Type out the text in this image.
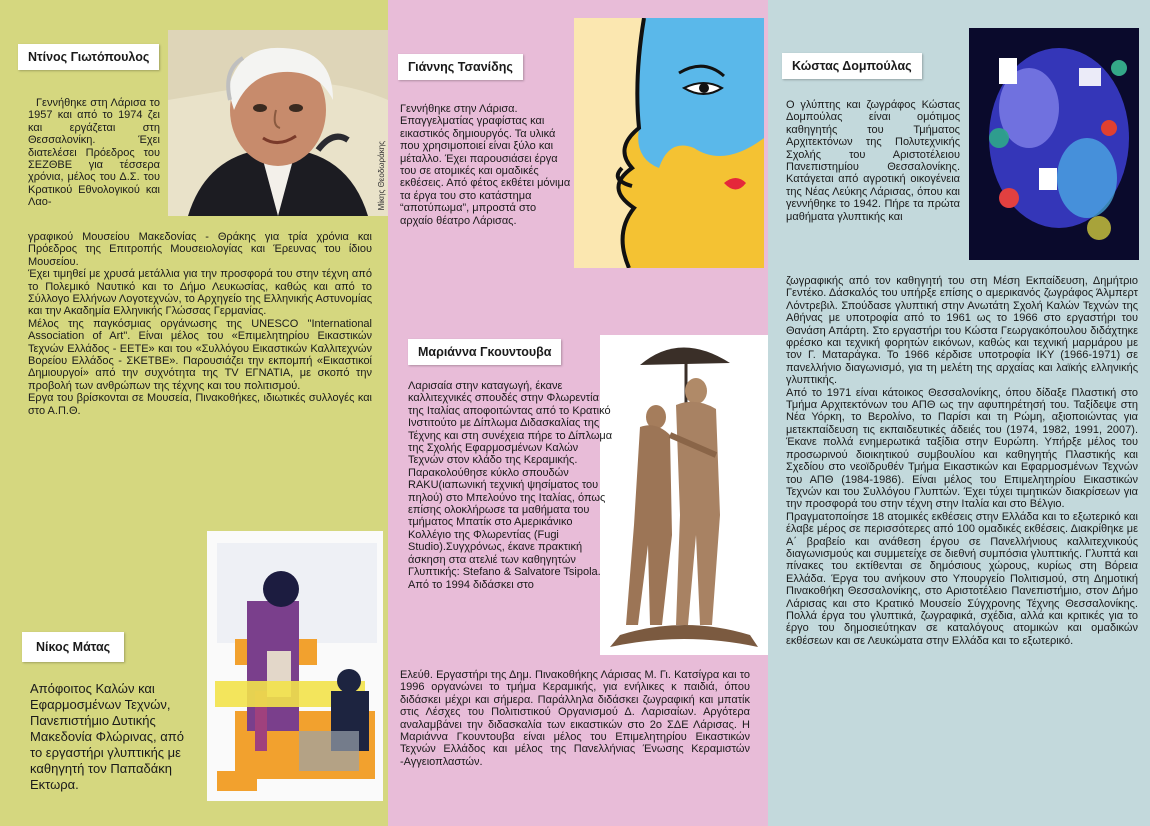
Ντίνος Γιωτόπουλος
Μίκης Θεοδωράκης
Γεννήθηκε στη Λάρισα το 1957 και από το 1974 ζει και εργάζεται στη Θεσσαλονίκη. Έχει διατελέσει Πρόεδρος του ΣΕΖΘΒΕ για τέσσερα χρόνια, μέλος του Δ.Σ. του Κρατικού Εθνολογικού και Λαο-

γραφικού Μουσείου Μακεδονίας - Θράκης για τρία χρόνια και Πρόεδρος της Επιτροπής Μουσειολογίας και Έρευνας του ίδιου Μουσείου.

Έχει τιμηθεί με χρυσά μετάλλια για την προσφορά του στην τέχνη από το Πολεμικό Ναυτικό και το Δήμο Λευκωσίας, καθώς και από το Σύλλογο Ελλήνων Λογοτεχνών, το Αρχηγείο της Ελληνικής Αστυνομίας και την Ακαδημία Ελληνικής Γλώσσας Γερμανίας.

Μέλος της παγκόσμιας οργάνωσης της UNESCO "International Association of Art". Είναι μέλος του «Επιμελητηρίου Εικαστικών Τεχνών Ελλάδος - ΕΕΤΕ» και του «Συλλόγου Εικαστικών Καλλιτεχνών Βορείου Ελλάδος - ΣΚΕΤΒΕ». Παρουσιάζει την εκπομπή «Εικαστικοί Δημιουργοί» από την συχνότητα της TV ΕΓΝΑΤΙΑ, με σκοπό την προβολή των ανθρώπων της τέχνης και του πολιτισμού.

Εργα του βρίσκονται σε Μουσεία, Πινακοθήκες, ιδιωτικές συλλογές και στο Α.Π.Θ.

Νίκος Μάτας
Απόφοιτος Καλών και Εφαρμοσμένων Τεχνών, Πανεπιστήμιο Δυτικής Μακεδονία Φλώρινας, από το εργαστήρι γλυπτικής με καθηγητή τον Παπαδάκη Εκτωρα.
Γιάννης Τσανίδης
Γεννήθηκε στην Λάρισα. Επαγγελματίας γραφίστας και εικαστικός δημιουργός. Τα υλικά που χρησιμοποιεί είναι ξύλο και μέταλλο. Έχει παρουσιάσει έργα του σε ατομικές και ομαδικές εκθέσεις. Από φέτος εκθέτει μόνιμα τα έργα του στο κατάστημα “αποτύπωμα”, μπροστά στο αρχαίο θέατρο Λάρισας.
Μαριάννα Γκουντουβα
Λαρισαία στην καταγωγή, έκανε καλλιτεχνικές σπουδές στην Φλωρεντία της Ιταλίας αποφοιτώντας από το Κρατικό Ινστιτούτο με Δίπλωμα Διδασκαλίας της Τέχνης και στη συνέχεια πήρε το Δίπλωμα της Σχολής Εφαρμοσμένων Καλών Τεχνών στον κλάδο της Κεραμικής. Παρακολούθησε κύκλο σπουδών RAKU(ιαπωνική τεχνική ψησίματος του πηλού) στο Μπελούνο της Ιταλίας, όπως επίσης ολοκλήρωσε τα μαθήματα του τμήματος Μπατίκ στο Αμερικάνικο Κολλέγιο της Φλωρεντίας (Fugi Studio).Συγχρόνως, έκανε πρακτική άσκηση στα ατελιέ των καθηγητών Γλυπτικής: Stefano & Salvatore Tsipola. Από το 1994 διδάσκει στο
Ελεύθ. Εργαστήρι της Δημ. Πινακοθήκης Λάρισας Μ. Γι. Κατσίγρα και το 1996 οργανώνει το τμήμα Κεραμικής, για ενήλικες κ παιδιά, όπου διδάσκει μέχρι και σήμερα. Παράλληλα διδάσκει ζωγραφική και μπατίκ στις Λέσχες του Πολιτιστικού Οργανισμού Δ. Λαρισαίων. Αργότερα αναλαμβάνει την διδασκαλία των εικαστικών στο 2ο ΣΔΕ Λάρισας. Η Μαριάννα Γκουντουβα είναι μέλος του Επιμελητηρίου Εικαστικών Τεχνών Ελλάδος και μέλος της Πανελλήνιας Ένωσης Κεραμιστών -Αγγειοπλαστών.
Κώστας Δομπούλας
Ο γλύπτης και ζωγράφος Κώστας Δομπούλας είναι ομότιμος καθηγητής του Τμήματος Αρχιτεκτόνων της Πολυτεχνικής Σχολής του Αριστοτέλειου Πανεπιστημίου Θεσσαλονίκης. Κατάγεται από αγροτική οικογένεια της Νέας Λεύκης Λάρισας, όπου και γεννήθηκε το 1942. Πήρε τα πρώτα μαθήματα γλυπτικής και

ζωγραφικής από τον καθηγητή του στη Μέση Εκπαίδευση, Δημήτριο Γεντέκο. Δάσκαλός του υπήρξε επίσης ο αμερικανός ζωγράφος Άλμπερτ Λόντρεβιλ. Σπούδασε γλυπτική στην Ανωτάτη Σχολή Καλών Τεχνών της Αθήνας με υποτροφία από το 1961 ως το 1966 στο εργαστήρι του Θανάση Απάρτη. Στο εργαστήρι του Κώστα Γεωργακόπουλου διδάχτηκε φρέσκο και τεχνική φορητών εικόνων, καθώς και τεχνική μαρμάρου με τον Γ. Ματαράγκα. Το 1966 κέρδισε υποτροφία ΙΚΥ (1966-1971) σε πανελλήνιο διαγωνισμό, για τη μελέτη της αρχαίας και λαϊκής ελληνικής γλυπτικής.

Από το 1971 είναι κάτοικος Θεσσαλονίκης, όπου δίδαξε Πλαστική στο Τμήμα Αρχιτεκτόνων του ΑΠΘ ως την αφυπηρέτησή του. Ταξίδεψε στη Νέα Υόρκη, το Βερολίνο, το Παρίσι και τη Ρώμη, αξιοποιώντας για μετεκπαίδευση τις εκπαιδευτικές άδειές του (1974, 1982, 1991, 2007). Έκανε πολλά ενημερωτικά ταξίδια στην Ευρώπη. Υπήρξε μέλος του προσωρινού διοικητικού συμβουλίου και καθηγητής Πλαστικής και Σχεδίου στο νεοϊδρυθέν Τμήμα Εικαστικών και Εφαρμοσμένων Τεχνών του ΑΠΘ (1984-1986). Είναι μέλος του Επιμελητηρίου Εικαστικών Τεχνών και του Συλλόγου Γλυπτών. Έχει τύχει τιμητικών διακρίσεων για την προσφορά του στην τέχνη στην Ιταλία και στο Βέλγιο.

Πραγματοποίησε 18 ατομικές εκθέσεις στην Ελλάδα και το εξωτερικό και έλαβε μέρος σε περισσότερες από 100 ομαδικές εκθέσεις. Διακρίθηκε με Α΄ βραβείο και ανάθεση έργου σε Πανελλήνιους καλλιτεχνικούς διαγωνισμούς και συμμετείχε σε διεθνή συμπόσια γλυπτικής. Γλυπτά και πίνακες του εκτίθενται σε δημόσιους χώρους, κυρίως στη Βόρεια Ελλάδα. Έργα του ανήκουν στο Υπουργείο Πολιτισμού, στη Δημοτική Πινακοθήκη Θεσσαλονίκης, στο Αριστοτέλειο Πανεπιστήμιο, στον Δήμο Λάρισας και στο Κρατικό Μουσείο Σύγχρονης Τέχνης Θεσσαλονίκης. Πολλά έργα του γλυπτικά, ζωγραφικά, σχέδια, αλλά και κριτικές για το έργο του δημοσιεύτηκαν σε καταλόγους ατομικών και ομαδικών εκθέσεων και σε Λευκώματα στην Ελλάδα και το εξωτερικό.
